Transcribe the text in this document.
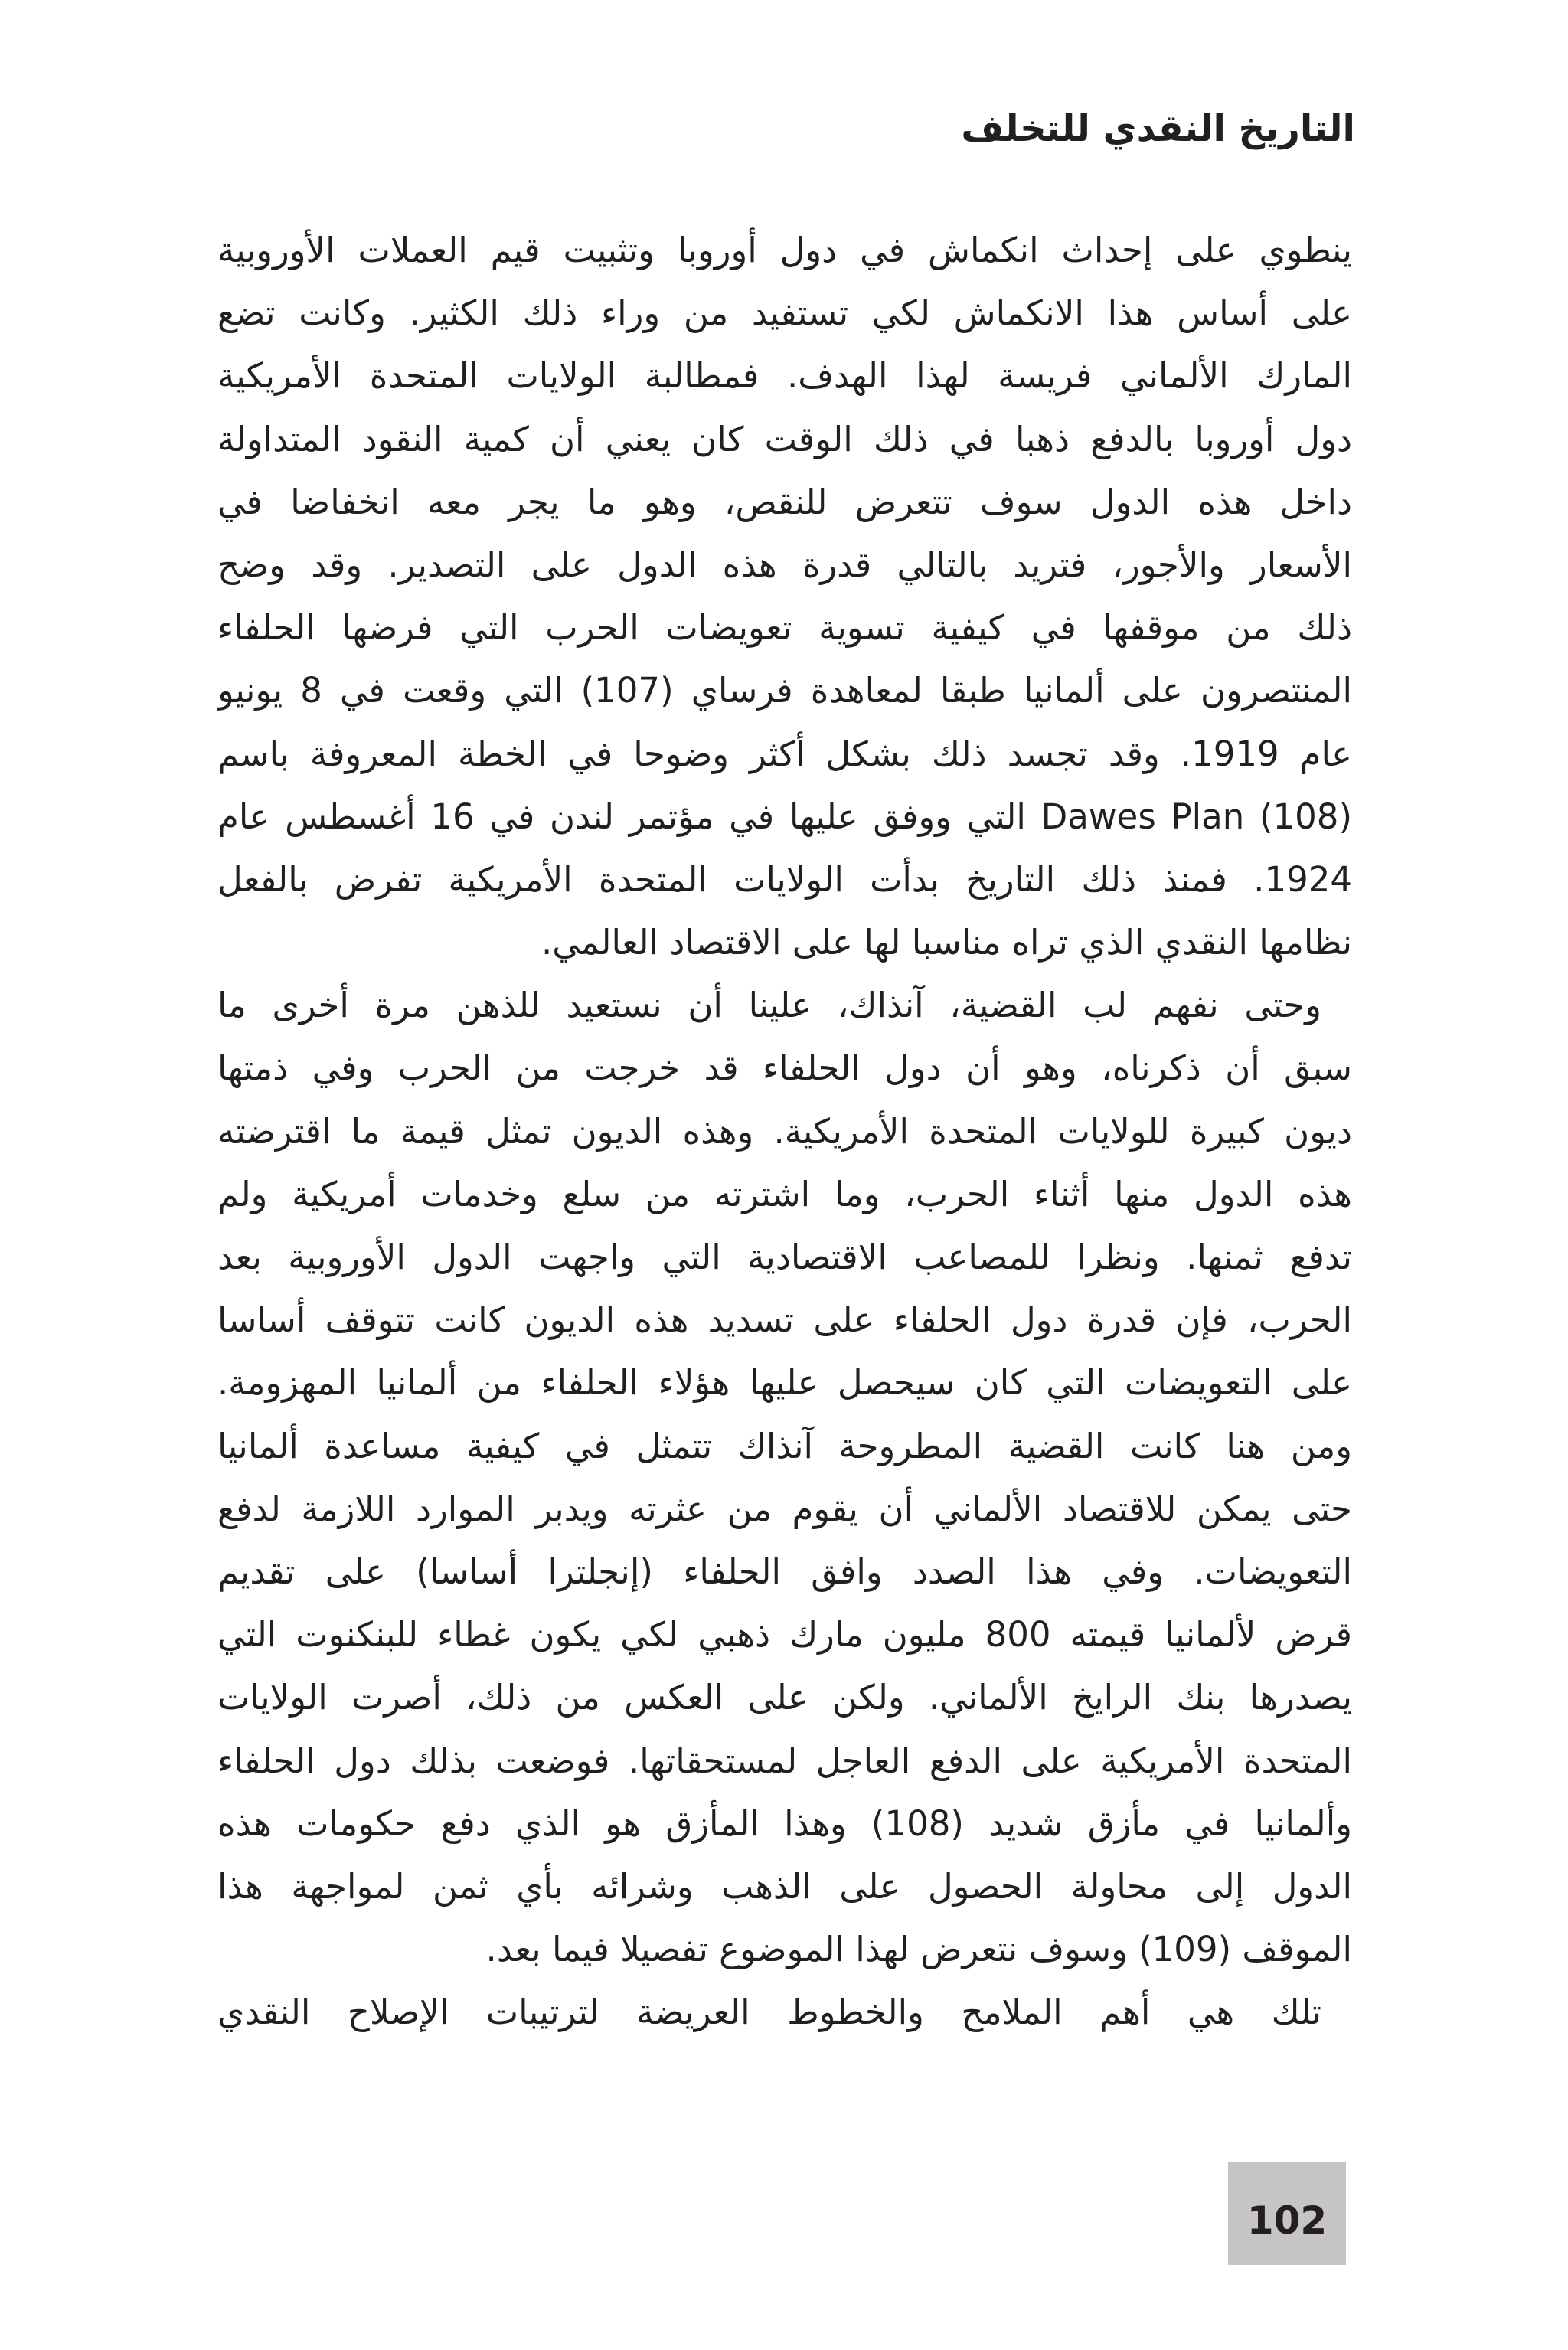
التاريخ النقدي للتخلف
ينطوي على إحداث انكماش في دول أوروبا وتثبيت قيم العملات الأوروبية
على أساس هذا الانكماش لكي تستفيد من وراء ذلك الكثير. وكانت تضع
المارك الألماني فريسة لهذا الهدف. فمطالبة الولايات المتحدة الأمريكية
دول أوروبا بالدفع ذهبا في ذلك الوقت كان يعني أن كمية النقود المتداولة
داخل هذه الدول سوف تتعرض للنقص، وهو ما يجر معه انخفاضا في
الأسعار والأجور، فتريد بالتالي قدرة هذه الدول على التصدير. وقد وضح
ذلك من موقفها في كيفية تسوية تعويضات الحرب التي فرضها الحلفاء
المنتصرون على ألمانيا طبقا لمعاهدة فرساي (107) التي وقعت في 8 يونيو
عام 1919. وقد تجسد ذلك بشكل أكثر وضوحا في الخطة المعروفة باسم
Dawes Plan (108) التي ووفق عليها في مؤتمر لندن في 16 أغسطس عام
1924. فمنذ ذلك التاريخ بدأت الولايات المتحدة الأمريكية تفرض بالفعل
نظامها النقدي الذي تراه مناسبا لها على الاقتصاد العالمي.
وحتى نفهم لب القضية، آنذاك، علينا أن نستعيد للذهن مرة أخرى ما
سبق أن ذكرناه، وهو أن دول الحلفاء قد خرجت من الحرب وفي ذمتها
ديون كبيرة للولايات المتحدة الأمريكية. وهذه الديون تمثل قيمة ما اقترضته
هذه الدول منها أثناء الحرب، وما اشترته من سلع وخدمات أمريكية ولم
تدفع ثمنها. ونظرا للمصاعب الاقتصادية التي واجهت الدول الأوروبية بعد
الحرب، فإن قدرة دول الحلفاء على تسديد هذه الديون كانت تتوقف أساسا
على التعويضات التي كان سيحصل عليها هؤلاء الحلفاء من ألمانيا المهزومة.
ومن هنا كانت القضية المطروحة آنذاك تتمثل في كيفية مساعدة ألمانيا
حتى يمكن للاقتصاد الألماني أن يقوم من عثرته ويدبر الموارد اللازمة لدفع
التعويضات. وفي هذا الصدد وافق الحلفاء (إنجلترا أساسا) على تقديم
قرض لألمانيا قيمته 800 مليون مارك ذهبي لكي يكون غطاء للبنكنوت التي
يصدرها بنك الرايخ الألماني. ولكن على العكس من ذلك، أصرت الولايات
المتحدة الأمريكية على الدفع العاجل لمستحقاتها. فوضعت بذلك دول الحلفاء
وألمانيا في مأزق شديد (108) وهذا المأزق هو الذي دفع حكومات هذه
الدول إلى محاولة الحصول على الذهب وشرائه بأي ثمن لمواجهة هذا
الموقف (109) وسوف نتعرض لهذا الموضوع تفصيلا فيما بعد.
تلك هي أهم الملامح والخطوط العريضة لترتيبات الإصلاح النقدي
102
